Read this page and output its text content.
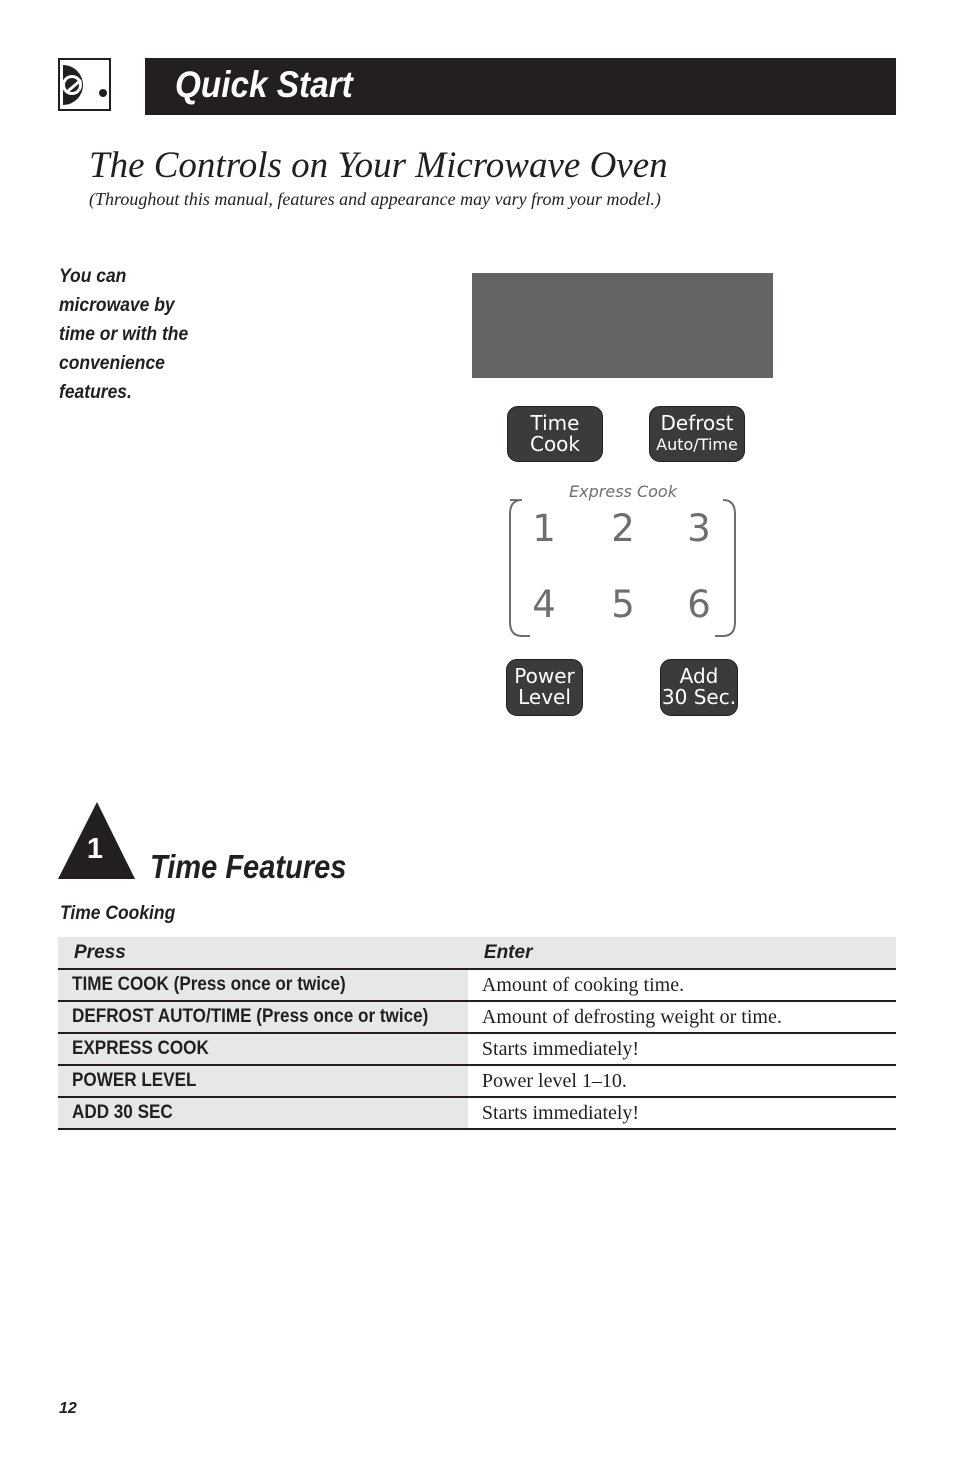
Quick Start
The Controls on Your Microwave Oven
(Throughout this manual, features and appearance may vary from your model.)
You can microwave by time or with the convenience features.
Time
Cook
Defrost
Auto/Time
Express Cook
1 2 3
4 5 6
Power
Level
Add
30 Sec.
1 Time Features
Time Cooking
Press	Enter
TIME COOK (Press once or twice)	Amount of cooking time.
DEFROST AUTO/TIME (Press once or twice)	Amount of defrosting weight or time.
EXPRESS COOK	Starts immediately!
POWER LEVEL	Power level 1–10.
ADD 30 SEC	Starts immediately!
12
